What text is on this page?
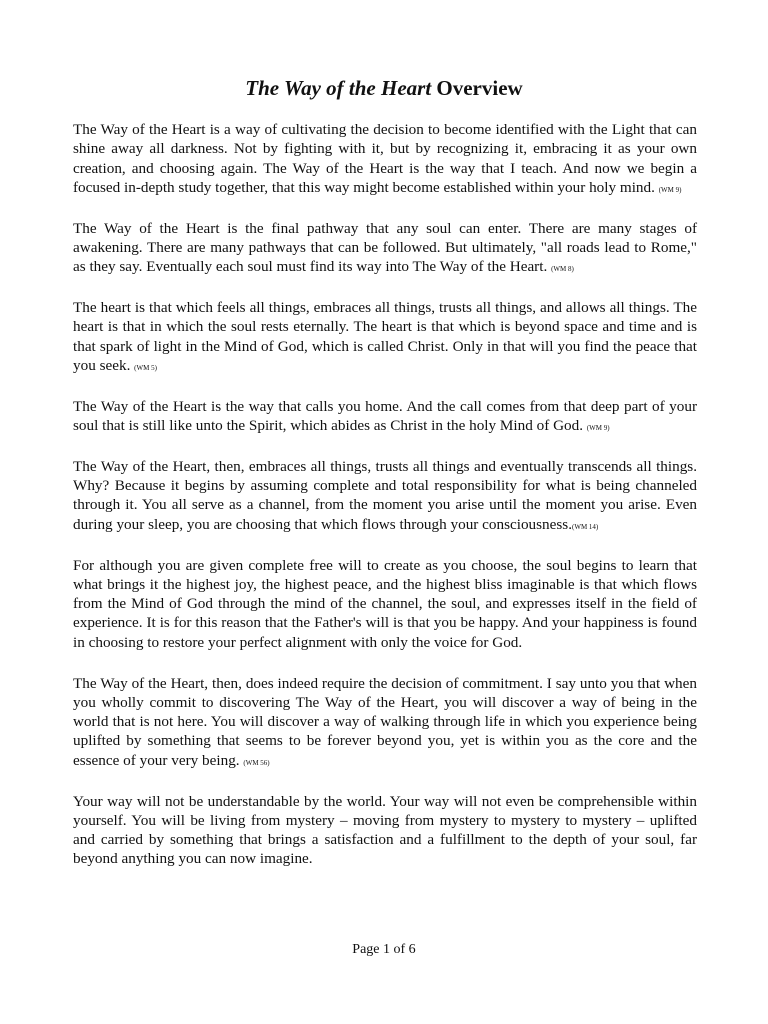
The Way of the Heart Overview

The Way of the Heart is a way of cultivating the decision to become identified with the Light that can shine away all darkness. Not by fighting with it, but by recognizing it, embracing it as your own creation, and choosing again. The Way of the Heart is the way that I teach. And now we begin a focused in-depth study together, that this way might become established within your holy mind. (WM 9)

The Way of the Heart is the final pathway that any soul can enter. There are many stages of awakening. There are many pathways that can be followed. But ultimately, "all roads lead to Rome," as they say. Eventually each soul must find its way into The Way of the Heart. (WM 8)

The heart is that which feels all things, embraces all things, trusts all things, and allows all things. The heart is that in which the soul rests eternally. The heart is that which is beyond space and time and is that spark of light in the Mind of God, which is called Christ. Only in that will you find the peace that you seek. (WM 5)

The Way of the Heart is the way that calls you home. And the call comes from that deep part of your soul that is still like unto the Spirit, which abides as Christ in the holy Mind of God. (WM 9)

The Way of the Heart, then, embraces all things, trusts all things and eventually transcends all things. Why? Because it begins by assuming complete and total responsibility for what is being channeled through it. You all serve as a channel, from the moment you arise until the moment you arise. Even during your sleep, you are choosing that which flows through your consciousness.(WM 14)

For although you are given complete free will to create as you choose, the soul begins to learn that what brings it the highest joy, the highest peace, and the highest bliss imaginable is that which flows from the Mind of God through the mind of the channel, the soul, and expresses itself in the field of experience. It is for this reason that the Father's will is that you be happy. And your happiness is found in choosing to restore your perfect alignment with only the voice for God.

The Way of the Heart, then, does indeed require the decision of commitment. I say unto you that when you wholly commit to discovering The Way of the Heart, you will discover a way of being in the world that is not here. You will discover a way of walking through life in which you experience being uplifted by something that seems to be forever beyond you, yet is within you as the core and the essence of your very being. (WM 56)

Your way will not be understandable by the world. Your way will not even be comprehensible within yourself. You will be living from mystery – moving from mystery to mystery to mystery – uplifted and carried by something that brings a satisfaction and a fulfillment to the depth of your soul, far beyond anything you can now imagine.

Page 1 of 6
